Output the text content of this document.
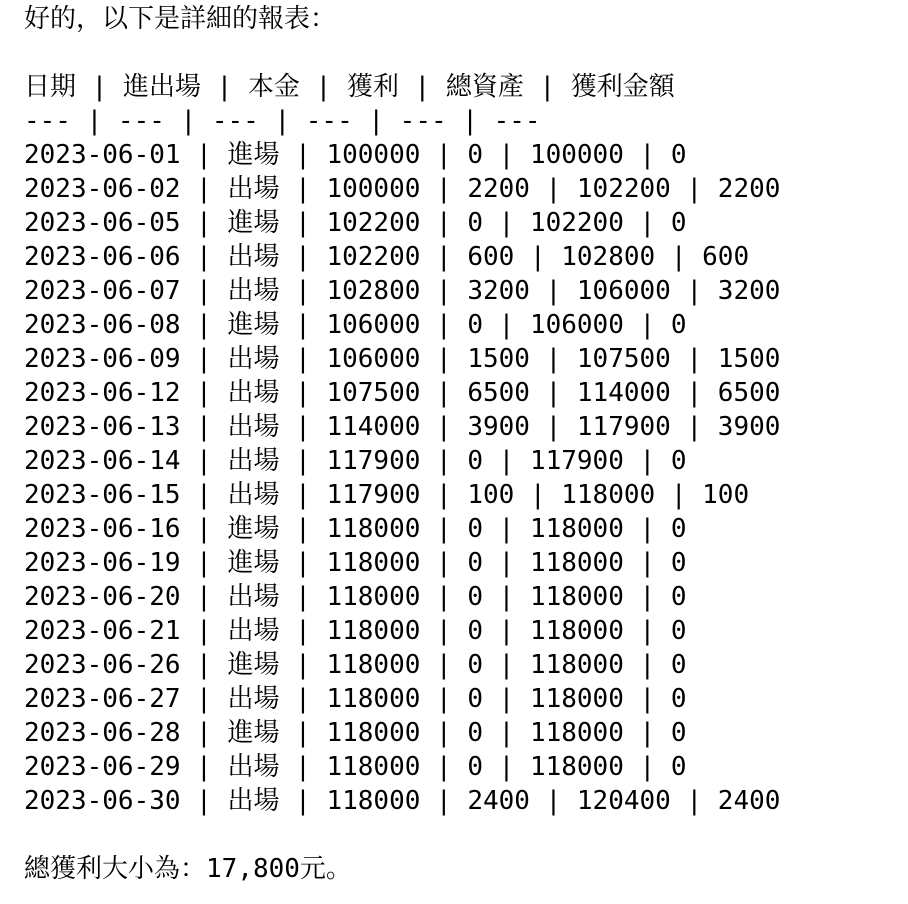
好的，以下是詳細的報表：
日期 | 進出場 | 本金 | 獲利 | 總資產 | 獲利金額
--- | --- | --- | --- | --- | ---
2023-06-01 | 進場 | 100000 | 0 | 100000 | 0
2023-06-02 | 出場 | 100000 | 2200 | 102200 | 2200
2023-06-05 | 進場 | 102200 | 0 | 102200 | 0
2023-06-06 | 出場 | 102200 | 600 | 102800 | 600
2023-06-07 | 出場 | 102800 | 3200 | 106000 | 3200
2023-06-08 | 進場 | 106000 | 0 | 106000 | 0
2023-06-09 | 出場 | 106000 | 1500 | 107500 | 1500
2023-06-12 | 出場 | 107500 | 6500 | 114000 | 6500
2023-06-13 | 出場 | 114000 | 3900 | 117900 | 3900
2023-06-14 | 出場 | 117900 | 0 | 117900 | 0
2023-06-15 | 出場 | 117900 | 100 | 118000 | 100
2023-06-16 | 進場 | 118000 | 0 | 118000 | 0
2023-06-19 | 進場 | 118000 | 0 | 118000 | 0
2023-06-20 | 出場 | 118000 | 0 | 118000 | 0
2023-06-21 | 出場 | 118000 | 0 | 118000 | 0
2023-06-26 | 進場 | 118000 | 0 | 118000 | 0
2023-06-27 | 出場 | 118000 | 0 | 118000 | 0
2023-06-28 | 進場 | 118000 | 0 | 118000 | 0
2023-06-29 | 出場 | 118000 | 0 | 118000 | 0
2023-06-30 | 出場 | 118000 | 2400 | 120400 | 2400
總獲利大小為：17,800元。
